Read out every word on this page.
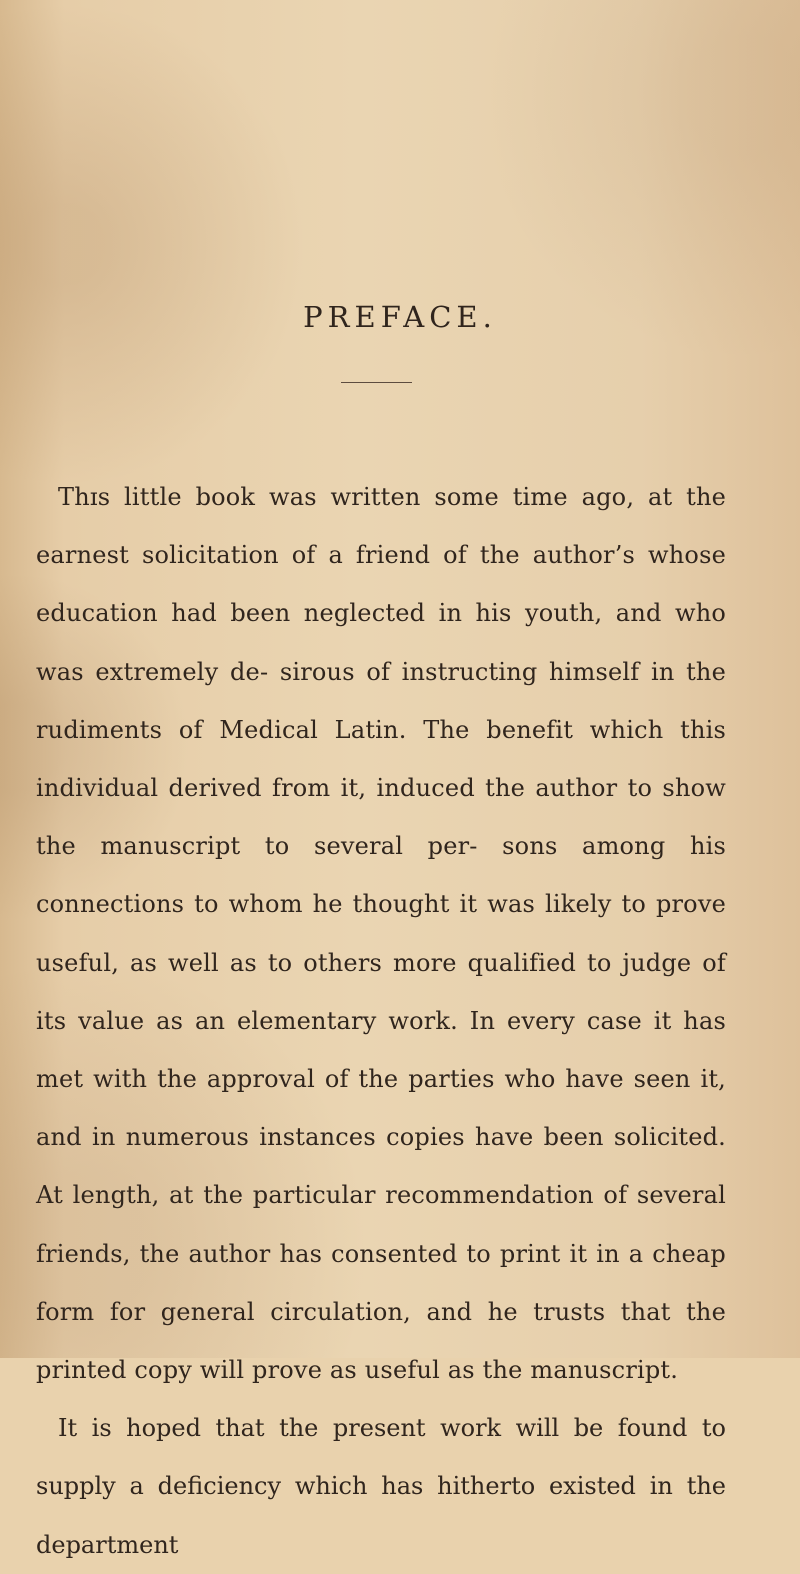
PREFACE.

Thɪs little book was written some time ago, at the earnest solicitation of a friend of the author’s whose education had been neglected in his youth, and who was extremely de- sirous of instructing himself in the rudiments of Medical Latin. The benefit which this individual derived from it, induced the author to show the manuscript to several per- sons among his connections to whom he thought it was likely to prove useful, as well as to others more qualified to judge of its value as an elementary work. In every case it has met with the approval of the parties who have seen it, and in numerous instances copies have been solicited. At length, at the particular recommendation of several friends, the author has consented to print it in a cheap form for general circulation, and he trusts that the printed copy will prove as useful as the manuscript.

It is hoped that the present work will be found to supply a deficiency which has hitherto existed in the department
